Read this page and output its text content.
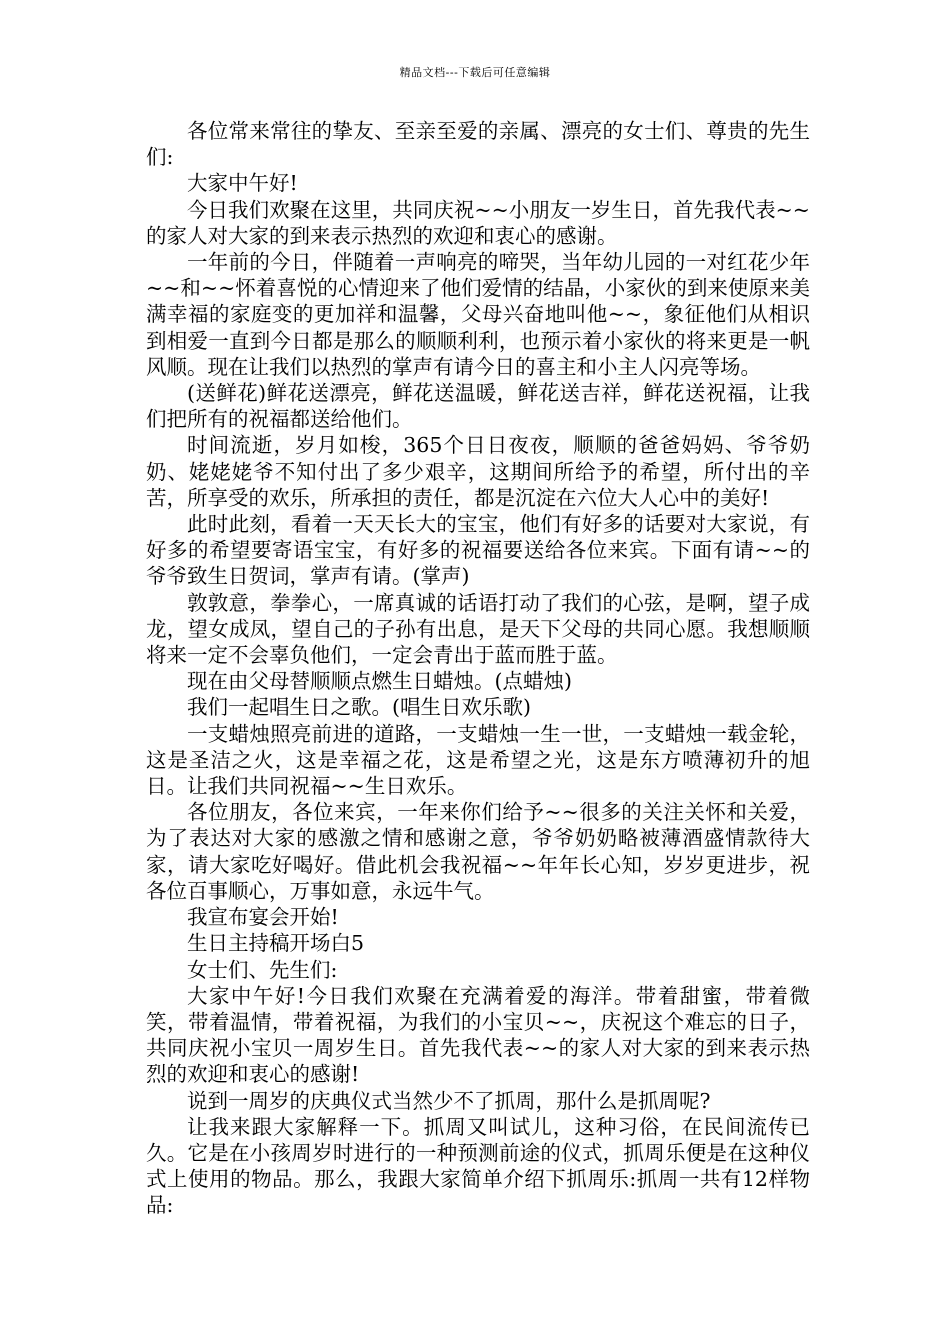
精品文档---下载后可任意编辑

各位常来常往的挚友、至亲至爱的亲属、漂亮的女士们、尊贵的先生们:

大家中午好!

今日我们欢聚在这里，共同庆祝~~小朋友一岁生日，首先我代表~~的家人对大家的到来表示热烈的欢迎和衷心的感谢。

一年前的今日，伴随着一声响亮的啼哭，当年幼儿园的一对红花少年~~和~~怀着喜悦的心情迎来了他们爱情的结晶，小家伙的到来使原来美满幸福的家庭变的更加祥和温馨，父母兴奋地叫他~~，象征他们从相识到相爱一直到今日都是那么的顺顺利利，也预示着小家伙的将来更是一帆风顺。现在让我们以热烈的掌声有请今日的喜主和小主人闪亮等场。

(送鲜花)鲜花送漂亮，鲜花送温暖，鲜花送吉祥，鲜花送祝福，让我们把所有的祝福都送给他们。

时间流逝，岁月如梭，365个日日夜夜，顺顺的爸爸妈妈、爷爷奶奶、姥姥姥爷不知付出了多少艰辛，这期间所给予的希望，所付出的辛苦，所享受的欢乐，所承担的责任，都是沉淀在六位大人心中的美好!

此时此刻，看着一天天长大的宝宝，他们有好多的话要对大家说，有好多的希望要寄语宝宝，有好多的祝福要送给各位来宾。下面有请~~的爷爷致生日贺词，掌声有请。(掌声)

敦敦意，拳拳心，一席真诚的话语打动了我们的心弦，是啊，望子成龙，望女成凤，望自己的子孙有出息，是天下父母的共同心愿。我想顺顺将来一定不会辜负他们，一定会青出于蓝而胜于蓝。

现在由父母替顺顺点燃生日蜡烛。(点蜡烛)

我们一起唱生日之歌。(唱生日欢乐歌)

一支蜡烛照亮前进的道路，一支蜡烛一生一世，一支蜡烛一载金轮，这是圣洁之火，这是幸福之花，这是希望之光，这是东方喷薄初升的旭日。让我们共同祝福~~生日欢乐。

各位朋友，各位来宾，一年来你们给予~~很多的关注关怀和关爱，为了表达对大家的感激之情和感谢之意，爷爷奶奶略被薄酒盛情款待大家，请大家吃好喝好。借此机会我祝福~~年年长心知，岁岁更进步，祝各位百事顺心，万事如意，永远牛气。

我宣布宴会开始!

生日主持稿开场白5

女士们、先生们:

大家中午好!今日我们欢聚在充满着爱的海洋。带着甜蜜，带着微笑，带着温情，带着祝福，为我们的小宝贝~~，庆祝这个难忘的日子，共同庆祝小宝贝一周岁生日。首先我代表~~的家人对大家的到来表示热烈的欢迎和衷心的感谢!

说到一周岁的庆典仪式当然少不了抓周，那什么是抓周呢?

让我来跟大家解释一下。抓周又叫试儿，这种习俗，在民间流传已久。它是在小孩周岁时进行的一种预测前途的仪式，抓周乐便是在这种仪式上使用的物品。那么，我跟大家简单介绍下抓周乐:抓周一共有12样物品:
